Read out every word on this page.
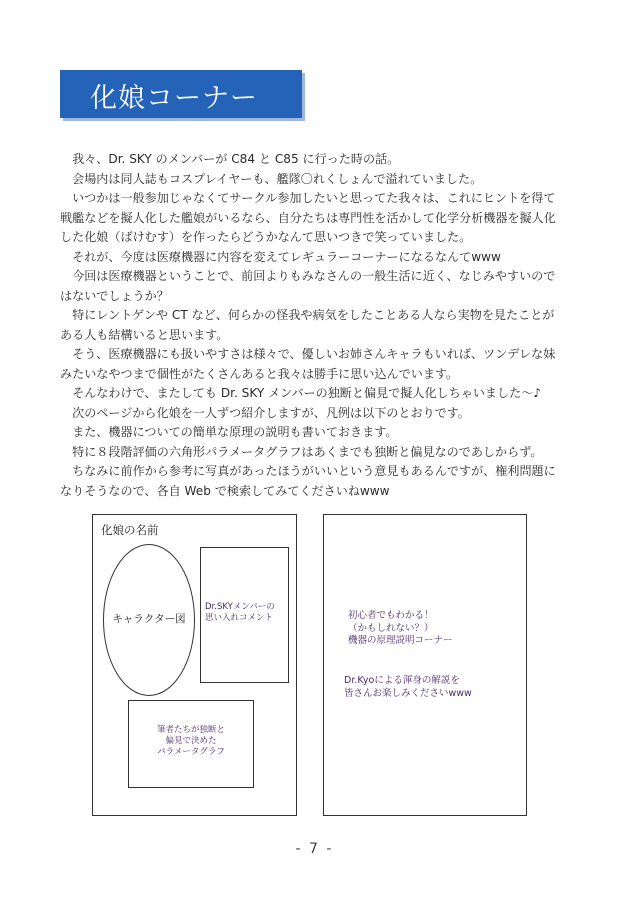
化娘コーナー

　我々、Dr. SKY のメンバーが C84 と C85 に行った時の話。

　会場内は同人誌もコスプレイヤーも、艦隊〇れくしょんで溢れていました。

　いつかは一般参加じゃなくてサークル参加したいと思ってた我々は、これにヒントを得て

戦艦などを擬人化した艦娘がいるなら、自分たちは専門性を活かして化学分析機器を擬人化

した化娘（ばけむす）を作ったらどうかなんて思いつきで笑っていました。

　それが、今度は医療機器に内容を変えてレギュラーコーナーになるなんてwww

　今回は医療機器ということで、前回よりもみなさんの一般生活に近く、なじみやすいので

はないでしょうか？

　特にレントゲンや CT など、何らかの怪我や病気をしたことある人なら実物を見たことが

ある人も結構いると思います。

　そう、医療機器にも扱いやすさは様々で、優しいお姉さんキャラもいれば、ツンデレな妹

みたいなやつまで個性がたくさんあると我々は勝手に思い込んでいます。

　そんなわけで、またしても Dr. SKY メンバーの独断と偏見で擬人化しちゃいました～♪

　次のページから化娘を一人ずつ紹介しますが、凡例は以下のとおりです。

　また、機器についての簡単な原理の説明も書いておきます。

　特に８段階評価の六角形パラメータグラフはあくまでも独断と偏見なのであしからず。

　ちなみに前作から参考に写真があったほうがいいという意見もあるんですが、権利問題に

なりそうなので、各自 Web で検索してみてくださいねwww

化娘の名前
キャラクター図
Dr.SKYメンバーの
思い入れコメント
筆者たちが独断と
偏見で決めた
パラメータグラフ
初心者でもわかる！
（かもしれない？）
機器の原理説明コーナー
Dr.Kyoによる渾身の解説を
皆さんお楽しみくださいwww
- 7 -
